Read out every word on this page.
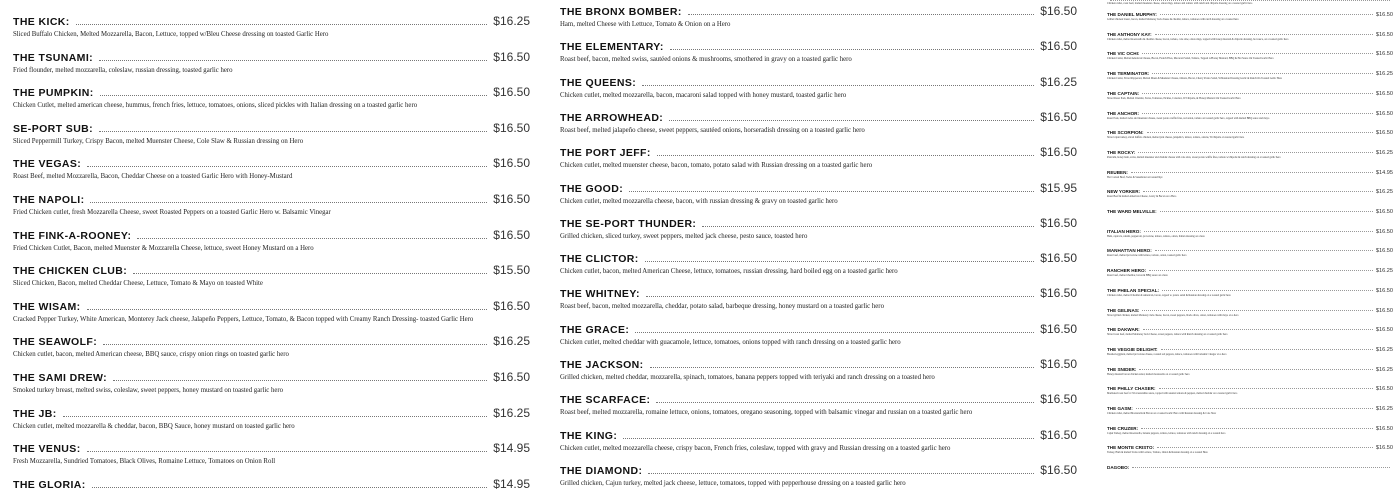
THE KICK:	$16.25
Sliced Buffalo Chicken, Melted Mozzarella, Bacon, Lettuce, topped w/Bleu Cheese dressing on toasted Garlic Hero
THE TSUNAMI:	$16.50
Fried flounder, melted mozzarella, coleslaw, russian dressing, toasted garlic hero
THE PUMPKIN:	$16.50
Chicken Cutlet, melted american cheese, hummus, french fries, lettuce, tomatoes, onions, sliced pickles with Italian dressing on a toasted garlic hero
SE-PORT SUB:	$16.50
Sliced Peppermill Turkey, Crispy Bacon, melted Muenster Cheese, Cole Slaw & Russian dressing on Hero
THE VEGAS:	$16.50
Roast Beef, melted Mozzarella, Bacon, Cheddar Cheese on a toasted Garlic Hero with Honey-Mustard
THE NAPOLI:	$16.50
Fried Chicken cutlet, fresh Mozzarella Cheese, sweet Roasted Peppers on a toasted Garlic Hero w. Balsamic Vinegar
THE FINK-A-ROONEY:	$16.50
Fried Chicken Cutlet, Bacon, melted Muenster & Mozzarella Cheese, lettuce, sweet Honey Mustard on a Hero
THE CHICKEN CLUB:	$15.50
Sliced Chicken, Bacon, melted Cheddar Cheese, Lettuce, Tomato & Mayo on toasted White
THE WISAM:	$16.50
Cracked Pepper Turkey, White American, Monterey Jack cheese, Jalapeño Peppers, Lettuce, Tomato, & Bacon topped with Creamy Ranch Dressing- toasted Garlic Hero
THE SEAWOLF:	$16.25
Chicken cutlet, bacon, melted American cheese, BBQ sauce, crispy onion rings on toasted garlic hero
THE SAMI DREW:	$16.50
Smoked turkey breast, melted swiss, coleslaw, sweet peppers, honey mustard on toasted garlic hero
THE JB:	$16.25
Chicken cutlet, melted mozzarella & cheddar, bacon, BBQ Sauce, honey mustard on toasted garlic hero
THE VENUS:	$14.95
Fresh Mozzarella, Sundried Tomatoes, Black Olives, Romaine Lettuce, Tomatoes on Onion Roll
THE GLORIA:	$14.95
THE BRONX BOMBER:	$16.50
Ham, melted Cheese with Lettuce, Tomato & Onion on a Hero
THE ELEMENTARY:	$16.50
Roast beef, bacon, melted swiss, sautéed onions & mushrooms, smothered in gravy on a toasted garlic hero
THE QUEENS:	$16.25
Chicken cutlet, melted mozzarella, bacon, macaroni salad topped with honey mustard, toasted garlic hero
THE ARROWHEAD:	$16.50
Roast beef, melted jalapeño cheese, sweet peppers, sautéed onions, horseradish dressing on a toasted garlic hero
THE PORT JEFF:	$16.50
Chicken cutlet, melted muenster cheese, bacon, tomato, potato salad with Russian dressing on a toasted garlic hero
THE GOOD:	$15.95
Chicken cutlet, melted mozzarella cheese, bacon, with russian dressing & gravy on toasted garlic hero
THE SE-PORT THUNDER:	$16.50
Grilled chicken, sliced turkey, sweet peppers, melted jack cheese, pesto sauce, toasted hero
THE CLICTOR:	$16.50
Chicken cutlet, bacon, melted American Cheese, lettuce, tomatoes, russian dressing, hard boiled egg on a toasted garlic hero
THE WHITNEY:	$16.50
Roast beef, bacon, melted mozzarella, cheddar, potato salad, barbeque dressing, honey mustard on a toasted garlic hero
THE GRACE:	$16.50
Chicken cutlet, melted cheddar with guacamole, lettuce, tomatoes, onions topped with ranch dressing on a toasted garlic hero
THE JACKSON:	$16.50
Grilled chicken, melted cheddar, mozzarella, spinach, tomatoes, banana peppers topped with teriyaki and ranch dressing on a toasted hero
THE SCARFACE:	$16.50
Roast beef, melted mozzarella, romaine lettuce, onions, tomatoes, oregano seasoning, topped with balsamic vinegar and russian on a toasted garlic hero
THE KING:	$16.50
Chicken cutlet, melted mozzarella cheese, crispy bacon, French fries, coleslaw, topped with gravy and Russian dressing on a toasted garlic hero
THE DIAMOND:	$16.50
Grilled chicken, Cajun turkey, melted jack cheese, lettuce, tomatoes, topped with pepperhouse dressing on a toasted garlic hero
Chicken cutlet, roast beef, melted muenster cheese, onion rings, lettuce and tomato with ranch and chipotle dressing on a toasted garlic hero
THE DANIEL MURPHY:	$16.50
Grilled chicken breast, bacon, melted Monterey Jack cheese & cheddar, lettuce, tomatoes with ranch dressing on a toasted hero
THE ANTHONY KAY:	$16.50
Chicken cutlet, melted mozzarella & cheddar cheese, bacon, tomato, cole slaw, onion rings, topped with honey mustard & chipotle dressing, hot sauce, on a toasted garlic hero
THE VIC OCHI:	$16.50
Chicken Cutlet, Melted American Cheese, Bacon, French Fries, Macaroni Salad, Tomato, Topped w/Honey Mustard, BBQ & Hot Sauce On Toasted Garlic Hero
THE TERMINATOR:	$16.25
Chicken Cutlet, Sliced Pepperoni, Melted Muen & Muenster Cheese, Onions, Bacon, Cherry Potato Salad, W/Russian Dressing Garlic & Ranch On Toasted Garlic Hero
THE CAPTAIN:	$16.50
Sliced Roast Pork, Melted Cheddar, Swiss, Tomatoes, Pickles, Coleslaw, W/Chipotle, & Honey Mustard On Toasted Garlic Hero
THE ANCHOR:	$16.50
Roast Pork, melted swiss and muenster cheese, sweet potato waffle fries, red onion, tomato on toasted garlic hero, topped with melted BBQ sauce and mayo
THE SCORPION:	$16.50
Sliced cajun turkey, sliced buffalo chicken, melted jack cheese, jalapeño's, lettuce, tomato, onions, W/chipotle on toasted garlic hero
THE ROCKY:	$16.25
Pastrami, honey ham, swiss, melted muenster and cheddar cheese with cole slaw, sweet potato waffle fries, tomato w/chipotle & ranch dressing on a toasted garlic hero
REUBEN:	$14.95
Hot Corned Beef, Swiss & Sauerkraut on toasted Rye
NEW YORKER:	$16.25
Roast Beef & melted American Cheese, Gravy & Bacon on a Hero
THE WARD MELVILLE:	$16.50
ITALIAN HERO:	$16.50
Ham, capicola, salami, pepperoni, provolone, lettuce, tomato, onion, Italian dressing on a hero
MANHATTAN HERO:	$16.50
Roast beef, melted provolone with lettuce, tomato, onion, toasted garlic hero
RANCHER HERO:	$16.25
Roast beef, melted cheddar, bacon & BBQ sauce on a hero
THE PHELAN SPECIAL:	$16.50
Chicken cutlet, melted Cheddar & American, bacon, topped w. potato salad & Russian dressing on a toasted garlic hero
THE GELINAS:	$16.50
Sliced grilled chicken, melted Monterey Jack cheese, bacon, sweet peppers, black olives, onion, tomatoes with mayo on a hero
THE DAKWAR:	$16.50
Sliced roast beef, melted Monterey Jack Cheese, sweet peppers, lettuce with Ranch dressing on a toasted garlic hero
THE VEGGIE DELIGHT:	$16.25
Breaded eggplant, melted provolone cheese, roasted red peppers, lettuce, tomatoes with balsamic vinegar on a hero
THE SNIDER:	$16.25
Honey mustard bacon chicken salad, melted mozzarella on a toasted garlic hero
THE PHILLY CHASER:	$16.50
Marinated roast beef w/ Worcestershire sauce, topped with sautéed onions & peppers, melted cheddar on a toasted garlic hero
THE GASM:	$16.25
Chicken cutlet, melted Mozzarella & Bacon on a toasted Garlic Hero with Russian dressing & Cole Slaw
THE CRUZER:	$16.50
Cajun Turkey, melted mozzarella, banana peppers, tomato, lettuce, tomatoes with ranch dressing on a toasted hero
THE MONTE CRISTO:	$16.50
Turkey, Ham & melted Swiss with Lettuce, Tomato, Onion & Russian dressing on a toasted Hero
DAGOBO:
